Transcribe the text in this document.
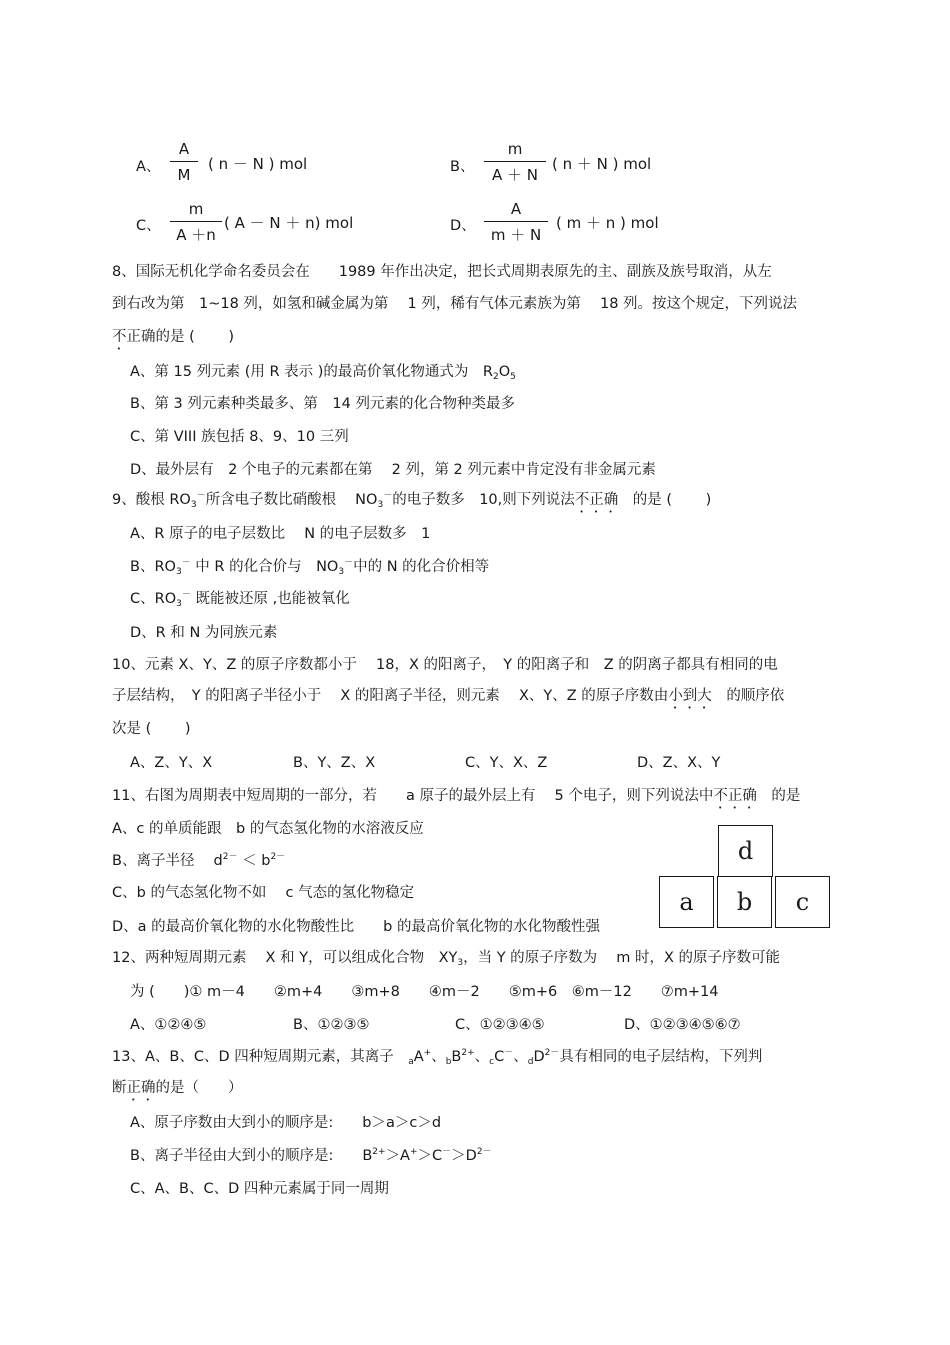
A、
A
M
( n － N ) mol	B、
m
A ＋ N
( n ＋ N ) mol
C、
m
A ＋n
( A － N ＋ n) mol	D、
A
m ＋ N
( m ＋ n ) mol
8、国际无机化学命名委员会在　　1989 年作出决定，把长式周期表原先的主、副族及族号取消，从左
到右改为第　1~18 列，如氢和碱金属为第　 1 列，稀有气体元素族为第　 18 列。按这个规定，下列说法
不正确的是 (　　 )
A、第 15 列元素 (用 R 表示 )的最高价氧化物通式为　$R_2O_5$
B、第 3 列元素种类最多、第　14 列元素的化合物种类最多
C、第 VIII 族包括 8、9、10 三列
D、最外层有　2 个电子的元素都在第　 2 列，第 2 列元素中肯定没有非金属元素
9、酸根 $RO_3^-$所含电子数比硝酸根　 $NO_3^-$的电子数多　10,则下列说法不正确　 的是 (　　 )
A、R 原子的电子层数比　 N 的电子层数多　1
B、$RO_3^-$ 中 R 的化合价与　$NO_3^-$中的 N 的化合价相等
C、$RO_3^-$ 既能被还原 ,也能被氧化
D、R 和 N 为同族元素
10、元素 X、Y、Z 的原子序数都小于　 18，X 的阳离子，　Y 的阳离子和　Z 的阴离子都具有相同的电
子层结构，　Y 的阳离子半径小于　 X 的阳离子半径，则元素　 X、Y、Z 的原子序数由小到大　 的顺序依
次是 (　　 )
A、Z、Y、X	B、Y、Z、X	C、Y、X、Z	D、Z、X、Y
11、右图为周期表中短周期的一部分，若　　a 原子的最外层上有　 5 个电子，则下列说法中不正确　 的是
A、c 的单质能跟　b 的气态氢化物的水溶液反应
B、离子半径　 $d^{2-} < b^{2-}$
C、b 的气态氢化物不如　 c 气态的氢化物稳定
D、a 的最高价氧化物的水化物酸性比　　b 的最高价氧化物的水化物酸性强
d
a	b	c
12、两种短周期元素　 X 和 Y，可以组成化合物　$XY_3$，当 Y 的原子序数为　 m 时，X 的原子序数可能
为 (　　)① m－4　　②m+4　　③m+8　　④m－2　　⑤m+6　⑥m－12　　⑦m+14
A、①②④⑤	B、①②③⑤	C、①②③④⑤	D、①②③④⑤⑥⑦
13、A、B、C、D 四种短周期元素，其离子　$_a$A+、$_bB^{2+}$、$_c$C－、$_dD^{2-}$具有相同的电子层结构，下列判
断正确的是（　　）
A、原子序数由大到小的顺序是:　　b＞a＞c＞d
B、离子半径由大到小的顺序是:　　$B^{2+}>A^+>C^->D^{2-}$
C、A、B、C、D 四种元素属于同一周期
